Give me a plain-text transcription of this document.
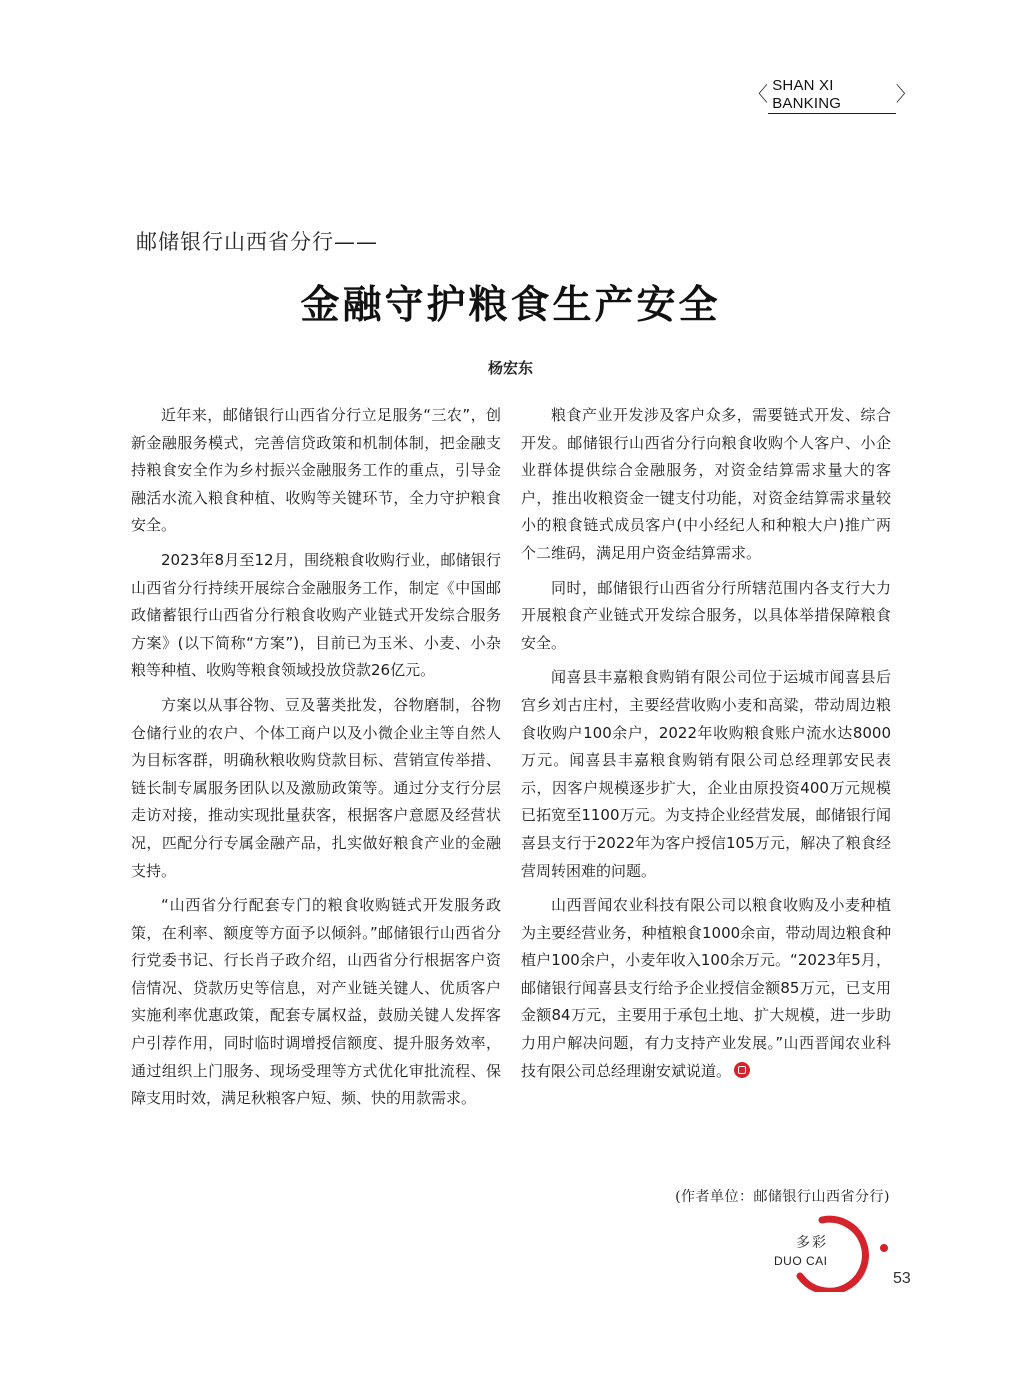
〈 SHAN XI BANKING	〉
邮储银行山西省分行——
金融守护粮食生产安全
杨宏东

近年来，邮储银行山西省分行立足服务“三农”，创新金融服务模式，完善信贷政策和机制体制，把金融支持粮食安全作为乡村振兴金融服务工作的重点，引导金融活水流入粮食种植、收购等关键环节，全力守护粮食安全。

2023年8月至12月，围绕粮食收购行业，邮储银行山西省分行持续开展综合金融服务工作，制定《中国邮政储蓄银行山西省分行粮食收购产业链式开发综合服务方案》(以下简称“方案”)，目前已为玉米、小麦、小杂粮等种植、收购等粮食领域投放贷款26亿元。

方案以从事谷物、豆及薯类批发，谷物磨制，谷物仓储行业的农户、个体工商户以及小微企业主等自然人为目标客群，明确秋粮收购贷款目标、营销宣传举措、链长制专属服务团队以及激励政策等。通过分支行分层走访对接，推动实现批量获客，根据客户意愿及经营状况，匹配分行专属金融产品，扎实做好粮食产业的金融支持。

“山西省分行配套专门的粮食收购链式开发服务政策，在利率、额度等方面予以倾斜。”邮储银行山西省分行党委书记、行长肖子政介绍，山西省分行根据客户资信情况、贷款历史等信息，对产业链关键人、优质客户实施利率优惠政策，配套专属权益，鼓励关键人发挥客户引荐作用，同时临时调增授信额度、提升服务效率，通过组织上门服务、现场受理等方式优化审批流程、保障支用时效，满足秋粮客户短、频、快的用款需求。

粮食产业开发涉及客户众多，需要链式开发、综合开发。邮储银行山西省分行向粮食收购个人客户、小企业群体提供综合金融服务，对资金结算需求量大的客户，推出收粮资金一键支付功能，对资金结算需求量较小的粮食链式成员客户(中小经纪人和种粮大户)推广两个二维码，满足用户资金结算需求。

同时，邮储银行山西省分行所辖范围内各支行大力开展粮食产业链式开发综合服务，以具体举措保障粮食安全。

闻喜县丰嘉粮食购销有限公司位于运城市闻喜县后宫乡刘古庄村，主要经营收购小麦和高粱，带动周边粮食收购户100余户，2022年收购粮食账户流水达8000万元。闻喜县丰嘉粮食购销有限公司总经理郭安民表示，因客户规模逐步扩大，企业由原投资400万元规模已拓宽至1100万元。为支持企业经营发展，邮储银行闻喜县支行于2022年为客户授信105万元，解决了粮食经营周转困难的问题。

山西晋闻农业科技有限公司以粮食收购及小麦种植为主要经营业务，种植粮食1000余亩，带动周边粮食种植户100余户，小麦年收入100余万元。“2023年5月，邮储银行闻喜县支行给予企业授信金额85万元，已支用金额84万元，主要用于承包土地、扩大规模，进一步助力用户解决问题，有力支持产业发展。”山西晋闻农业科技有限公司总经理谢安斌说道。

(作者单位：邮储银行山西省分行)
多彩
DUO CAI
53
